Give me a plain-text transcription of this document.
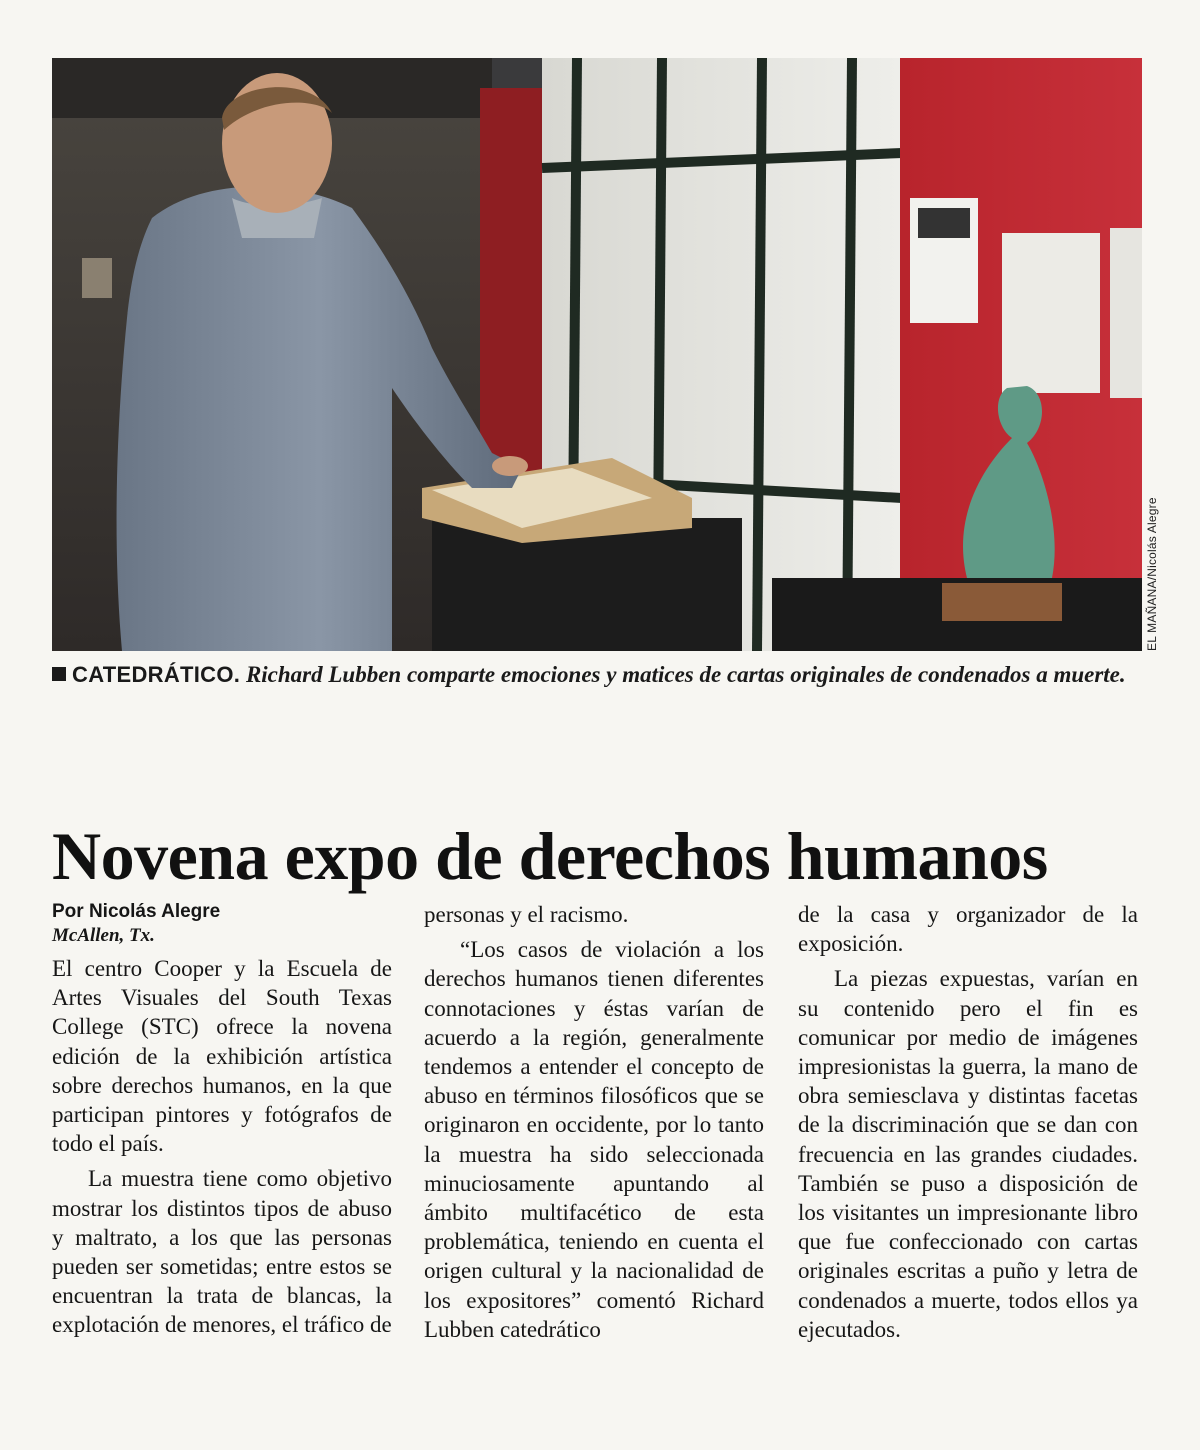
EL MAÑANA/Nicolás Alegre
CATEDRÁTICO. Richard Lubben comparte emociones y matices de cartas originales de condenados a muerte.
Novena expo de derechos humanos
Por Nicolás Alegre
McAllen, Tx.

El centro Cooper y la Escuela de Artes Visuales del South Texas College (STC) ofrece la novena edición de la exhibición artística sobre derechos humanos, en la que participan pintores y fotógrafos de todo el país.

La muestra tiene como objetivo mostrar los distintos tipos de abuso y maltrato, a los que las personas pueden ser sometidas; entre estos se encuentran la trata de blancas, la explotación de menores, el tráfico de

personas y el racismo.

“Los casos de violación a los derechos humanos tienen diferentes connotaciones y éstas varían de acuerdo a la región, generalmente tendemos a entender el concepto de abuso en términos filosóficos que se originaron en occidente, por lo tanto la muestra ha sido seleccionada minuciosamente apuntando al ámbito multifacético de esta problemática, teniendo en cuenta el origen cultural y la nacionalidad de los expositores” comentó Richard Lubben catedrático

de la casa y organizador de la exposición.

La piezas expuestas, varían en su contenido pero el fin es comunicar por medio de imágenes impresionistas la guerra, la mano de obra semiesclava y distintas facetas de la discriminación que se dan con frecuencia en las grandes ciudades. También se puso a disposición de los visitantes un impresionante libro que fue confeccionado con cartas originales escritas a puño y letra de condenados a muerte, todos ellos ya ejecutados.
